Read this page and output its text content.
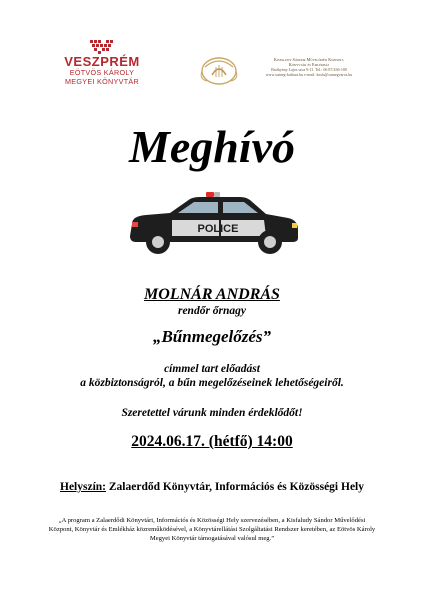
VESZPRÉM
EÖTVÖS KÁROLY
MEGYEI KÖNYVTÁR
Kisfaludy Sándor Művelődési Központ,
Könyvtár és Emlékház
Batthyány Lajos utca 9-11. Tel.: 06 87/436-180
www.sumeg-kultura.hu e-mail: kmfs@sumegvaros.hu
Meghívó
POLICE
MOLNÁR ANDRÁS
rendőr őrnagy
„Bűnmegelőzés”
címmel tart előadást
a közbiztonságról, a bűn megelőzéseinek lehetőségeiről.
Szeretettel várunk minden érdeklődőt!
2024.06.17. (hétfő) 14:00
Helyszín: Zalaerdőd Könyvtár, Információs és Közösségi Hely
„A program a Zalaerdődi Könyvtári, Információs és Közösségi Hely szervezésében, a Kisfaludy Sándor Művelődési Központ, Könyvtár és Emlékház közreműködésével, a Könyvtárellátási Szolgáltatási Rendszer keretében, az Eötvös Károly Megyei Könyvtár támogatásával valósul meg.”
